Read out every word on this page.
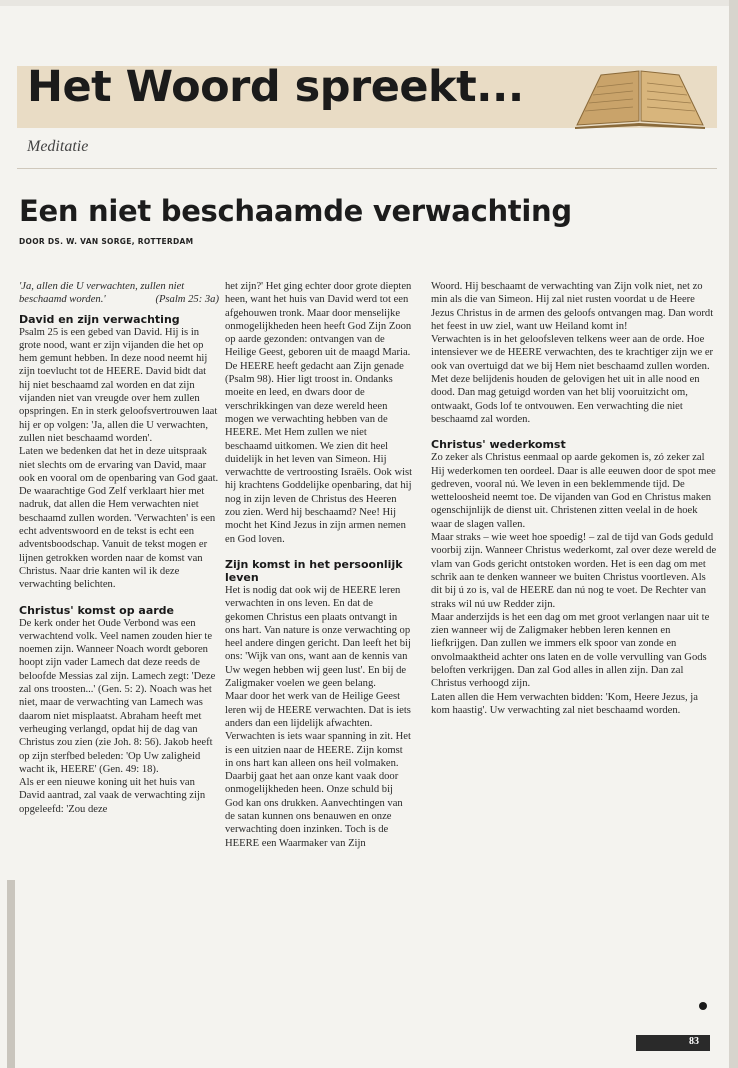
Het Woord spreekt...
Meditatie
Een niet beschaamde verwachting
DOOR DS. W. VAN SORGE, ROTTERDAM

'Ja, allen die U verwachten, zullen niet beschaamd worden.'	(Psalm 25: 3a)

David en zijn verwachting

Psalm 25 is een gebed van David. Hij is in grote nood, want er zijn vijanden die het op hem gemunt hebben. In deze nood neemt hij zijn toevlucht tot de HEERE. David bidt dat hij niet beschaamd zal worden en dat zijn vijanden niet van vreugde over hem zullen opspringen. En in sterk geloofsvertrouwen laat hij er op volgen: 'Ja, allen die U verwachten, zullen niet beschaamd worden'.

Laten we bedenken dat het in deze uitspraak niet slechts om de ervaring van David, maar ook en vooral om de openbaring van God gaat. De waarachtige God Zelf verklaart hier met nadruk, dat allen die Hem verwachten niet beschaamd zullen worden. 'Verwachten' is een echt adventswoord en de tekst is echt een adventsboodschap. Vanuit de tekst mogen er lijnen getrokken worden naar de komst van Christus. Naar drie kanten wil ik deze verwachting belichten.

Christus' komst op aarde

De kerk onder het Oude Verbond was een verwachtend volk. Veel namen zouden hier te noemen zijn. Wanneer Noach wordt geboren hoopt zijn vader Lamech dat deze reeds de beloofde Messias zal zijn. Lamech zegt: 'Deze zal ons troosten...' (Gen. 5: 2). Noach was het niet, maar de verwachting van Lamech was daarom niet misplaatst. Abraham heeft met verheuging verlangd, opdat hij de dag van Christus zou zien (zie Joh. 8: 56). Jakob heeft op zijn sterfbed beleden: 'Op Uw zaligheid wacht ik, HEERE' (Gen. 49: 18).

Als er een nieuwe koning uit het huis van David aantrad, zal vaak de verwachting zijn opgeleefd: 'Zou deze

het zijn?' Het ging echter door grote diepten heen, want het huis van David werd tot een afgehouwen tronk. Maar door menselijke onmogelijkheden heen heeft God Zijn Zoon op aarde gezonden: ontvangen van de Heilige Geest, geboren uit de maagd Maria. De HEERE heeft gedacht aan Zijn genade (Psalm 98). Hier ligt troost in. Ondanks moeite en leed, en dwars door de verschrikkingen van deze wereld heen mogen we verwachting hebben van de HEERE. Met Hem zullen we niet beschaamd uitkomen. We zien dit heel duidelijk in het leven van Simeon. Hij verwachtte de vertroosting Israëls. Ook wist hij krachtens Goddelijke openbaring, dat hij nog in zijn leven de Christus des Heeren zou zien. Werd hij beschaamd? Nee! Hij mocht het Kind Jezus in zijn armen nemen en God loven.

Zijn komst in het persoonlijk leven

Het is nodig dat ook wij de HEERE leren verwachten in ons leven. En dat de gekomen Christus een plaats ontvangt in ons hart. Van nature is onze verwachting op heel andere dingen gericht. Dan leeft het bij ons: 'Wijk van ons, want aan de kennis van Uw wegen hebben wij geen lust'. En bij de Zaligmaker voelen we geen belang.

Maar door het werk van de Heilige Geest leren wij de HEERE verwachten. Dat is iets anders dan een lijdelijk afwachten. Verwachten is iets waar spanning in zit. Het is een uitzien naar de HEERE. Zijn komst in ons hart kan alleen ons heil volmaken. Daarbij gaat het aan onze kant vaak door onmogelijkheden heen. Onze schuld bij God kan ons drukken. Aanvechtingen van de satan kunnen ons benauwen en onze verwachting doen inzinken. Toch is de HEERE een Waarmaker van Zijn

Woord. Hij beschaamt de verwachting van Zijn volk niet, net zo min als die van Simeon. Hij zal niet rusten voordat u de Heere Jezus Christus in de armen des geloofs ontvangen mag. Dan wordt het feest in uw ziel, want uw Heiland komt in!

Verwachten is in het geloofsleven telkens weer aan de orde. Hoe intensiever we de HEERE verwachten, des te krachtiger zijn we er ook van overtuigd dat we bij Hem niet beschaamd zullen worden.

Met deze belijdenis houden de gelovigen het uit in alle nood en dood. Dan mag getuigd worden van het blij vooruitzicht om, ontwaakt, Gods lof te ontvouwen. Een verwachting die niet beschaamd zal worden.

Christus' wederkomst

Zo zeker als Christus eenmaal op aarde gekomen is, zó zeker zal Hij wederkomen ten oordeel. Daar is alle eeuwen door de spot mee gedreven, vooral nú. We leven in een beklemmende tijd. De wetteloosheid neemt toe. De vijanden van God en Christus maken ogenschijnlijk de dienst uit. Christenen zitten veelal in de hoek waar de slagen vallen.

Maar straks – wie weet hoe spoedig! – zal de tijd van Gods geduld voorbij zijn. Wanneer Christus wederkomt, zal over deze wereld de vlam van Gods gericht ontstoken worden. Het is een dag om met schrik aan te denken wanneer we buiten Christus voortleven. Als dit bij ú zo is, val de HEERE dan nú nog te voet. De Rechter van straks wil nú uw Redder zijn.

Maar anderzijds is het een dag om met groot verlangen naar uit te zien wanneer wij de Zaligmaker hebben leren kennen en liefkrijgen. Dan zullen we immers elk spoor van zonde en onvolmaaktheid achter ons laten en de volle vervulling van Gods beloften verkrijgen. Dan zal God alles in allen zijn. Dan zal Christus verhoogd zijn.

Laten allen die Hem verwachten bidden: 'Kom, Heere Jezus, ja kom haastig'. Uw verwachting zal niet beschaamd worden.

83
